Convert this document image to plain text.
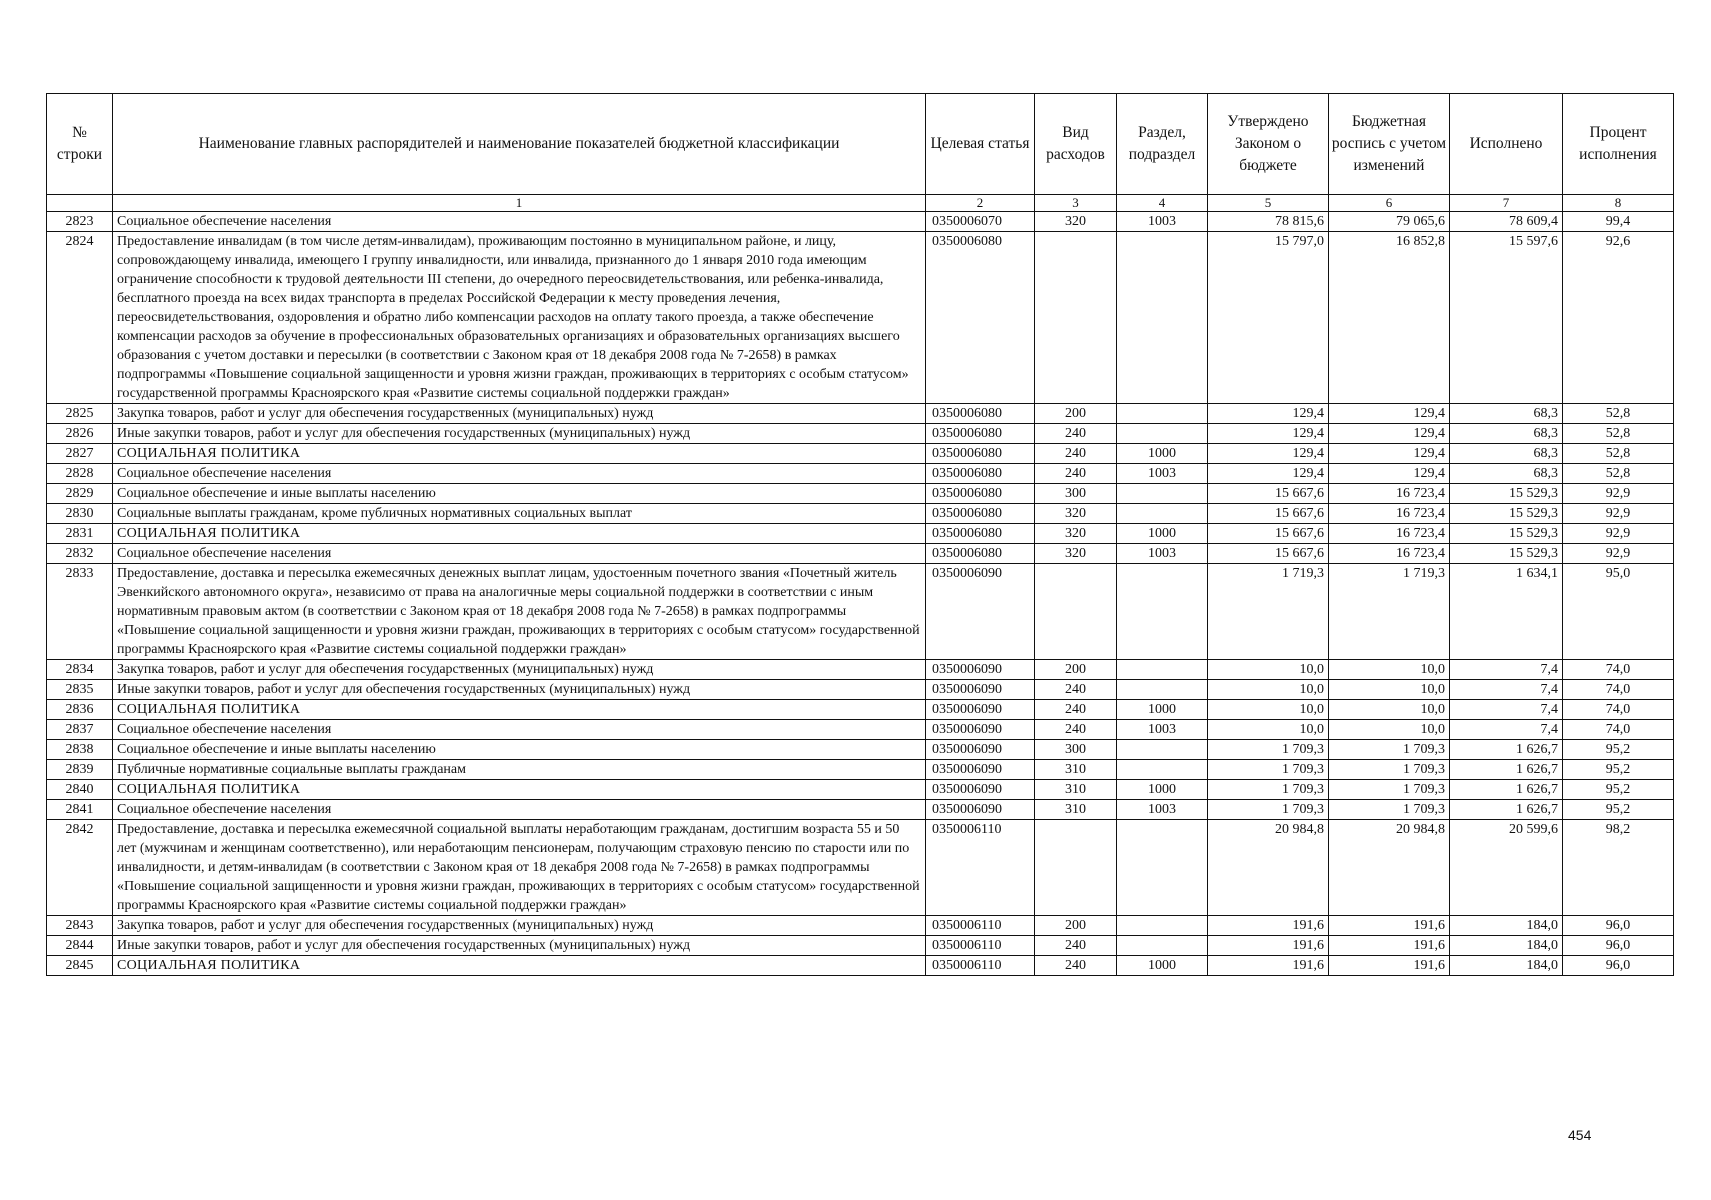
№ строки	Наименование главных распорядителей и наименование показателей бюджетной классификации	Целевая статья	Вид расходов	Раздел, подраздел	Утверждено Законом о бюджете	Бюджетная роспись с учетом изменений	Исполнено	Процент исполнения
	1	2	3	4	5	6	7	8
2823	Социальное обеспечение населения	0350006070	320	1003	78 815,6	79 065,6	78 609,4	99,4
2824	Предоставление инвалидам (в том числе детям-инвалидам), проживающим постоянно в муниципальном районе, и лицу, сопровождающему инвалида, имеющего I группу инвалидности, или инвалида, признанного до 1 января 2010 года имеющим ограничение способности к трудовой деятельности III степени, до очередного переосвидетельствования, или ребенка-инвалида, бесплатного проезда на всех видах транспорта в пределах Российской Федерации к месту проведения лечения, переосвидетельствования, оздоровления и обратно либо компенсации расходов на оплату такого проезда, а также обеспечение компенсации расходов за обучение в профессиональных образовательных организациях и образовательных организациях высшего образования с учетом доставки и пересылки (в соответствии с Законом края от 18 декабря 2008 года № 7-2658) в рамках подпрограммы «Повышение социальной защищенности и уровня жизни граждан, проживающих в территориях с особым статусом» государственной программы Красноярского края «Развитие системы социальной поддержки граждан»	0350006080			15 797,0	16 852,8	15 597,6	92,6
2825	Закупка товаров, работ и услуг для обеспечения государственных (муниципальных) нужд	0350006080	200		129,4	129,4	68,3	52,8
2826	Иные закупки товаров, работ и услуг для обеспечения государственных (муниципальных) нужд	0350006080	240		129,4	129,4	68,3	52,8
2827	СОЦИАЛЬНАЯ ПОЛИТИКА	0350006080	240	1000	129,4	129,4	68,3	52,8
2828	Социальное обеспечение населения	0350006080	240	1003	129,4	129,4	68,3	52,8
2829	Социальное обеспечение и иные выплаты населению	0350006080	300		15 667,6	16 723,4	15 529,3	92,9
2830	Социальные выплаты гражданам, кроме публичных нормативных социальных выплат	0350006080	320		15 667,6	16 723,4	15 529,3	92,9
2831	СОЦИАЛЬНАЯ ПОЛИТИКА	0350006080	320	1000	15 667,6	16 723,4	15 529,3	92,9
2832	Социальное обеспечение населения	0350006080	320	1003	15 667,6	16 723,4	15 529,3	92,9
2833	Предоставление, доставка и пересылка ежемесячных денежных выплат лицам, удостоенным почетного звания «Почетный житель Эвенкийского автономного округа», независимо от права на аналогичные меры социальной поддержки в соответствии с иным нормативным правовым актом (в соответствии с Законом края от 18 декабря 2008 года № 7-2658) в рамках подпрограммы «Повышение социальной защищенности и уровня жизни граждан, проживающих в территориях с особым статусом» государственной программы Красноярского края «Развитие системы социальной поддержки граждан»	0350006090			1 719,3	1 719,3	1 634,1	95,0
2834	Закупка товаров, работ и услуг для обеспечения государственных (муниципальных) нужд	0350006090	200		10,0	10,0	7,4	74,0
2835	Иные закупки товаров, работ и услуг для обеспечения государственных (муниципальных) нужд	0350006090	240		10,0	10,0	7,4	74,0
2836	СОЦИАЛЬНАЯ ПОЛИТИКА	0350006090	240	1000	10,0	10,0	7,4	74,0
2837	Социальное обеспечение населения	0350006090	240	1003	10,0	10,0	7,4	74,0
2838	Социальное обеспечение и иные выплаты населению	0350006090	300		1 709,3	1 709,3	1 626,7	95,2
2839	Публичные нормативные социальные выплаты гражданам	0350006090	310		1 709,3	1 709,3	1 626,7	95,2
2840	СОЦИАЛЬНАЯ ПОЛИТИКА	0350006090	310	1000	1 709,3	1 709,3	1 626,7	95,2
2841	Социальное обеспечение населения	0350006090	310	1003	1 709,3	1 709,3	1 626,7	95,2
2842	Предоставление, доставка и пересылка ежемесячной социальной выплаты неработающим гражданам, достигшим возраста 55 и 50 лет (мужчинам и женщинам соответственно), или неработающим пенсионерам, получающим страховую пенсию по старости или по инвалидности, и детям-инвалидам (в соответствии с Законом края от 18 декабря 2008 года № 7-2658) в рамках подпрограммы «Повышение социальной защищенности и уровня жизни граждан, проживающих в территориях с особым статусом» государственной программы Красноярского края «Развитие системы социальной поддержки граждан»	0350006110			20 984,8	20 984,8	20 599,6	98,2
2843	Закупка товаров, работ и услуг для обеспечения государственных (муниципальных) нужд	0350006110	200		191,6	191,6	184,0	96,0
2844	Иные закупки товаров, работ и услуг для обеспечения государственных (муниципальных) нужд	0350006110	240		191,6	191,6	184,0	96,0
2845	СОЦИАЛЬНАЯ ПОЛИТИКА	0350006110	240	1000	191,6	191,6	184,0	96,0
454
